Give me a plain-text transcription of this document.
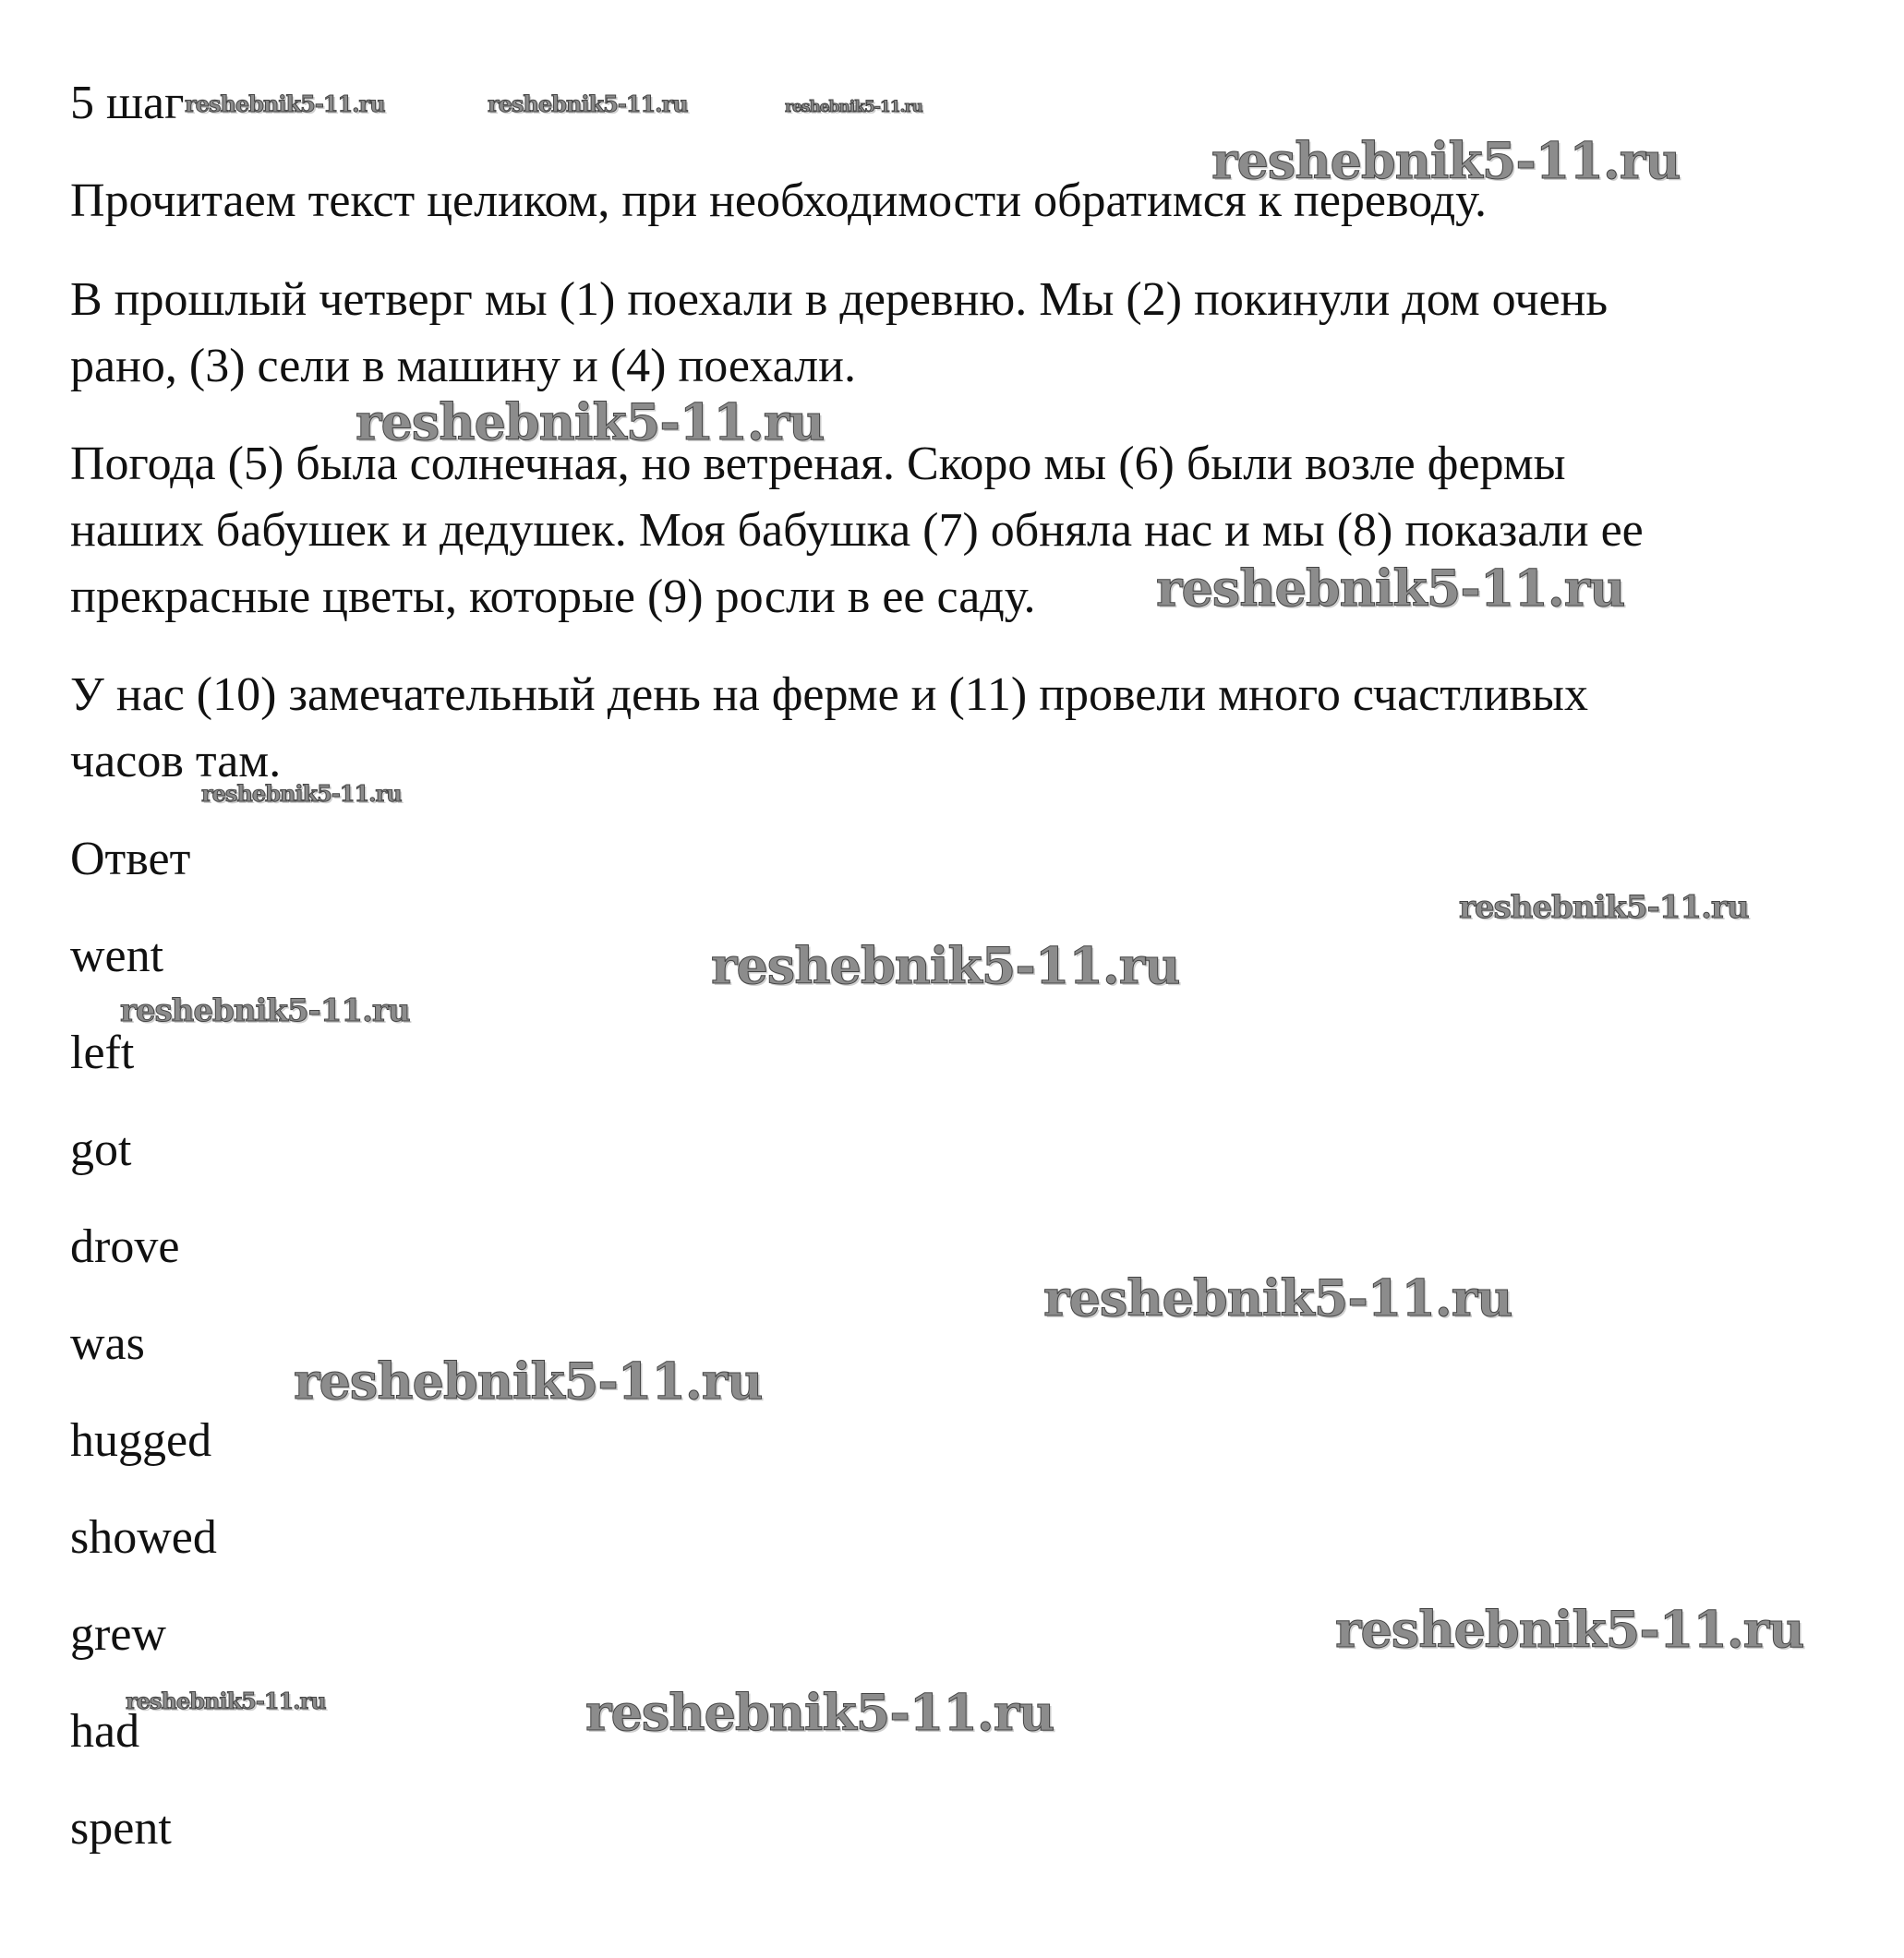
5 шаг

Прочитаем текст целиком, при необходимости обратимся к переводу.

В прошлый четверг мы (1) поехали в деревню. Мы (2) покинули дом очень

рано, (3) сели в машину и (4) поехали.

Погода (5) была солнечная, но ветреная. Скоро мы (6) были возле фермы

наших бабушек и дедушек. Моя бабушка (7) обняла нас и мы (8) показали ее

прекрасные цветы, которые (9) росли в ее саду.

У нас (10) замечательный день на ферме и (11) провели много счастливых

часов там.

Ответ

went

left

got

drove

was

hugged

showed

grew

had

spent

reshebnik5-11.ru	reshebnik5-11.ru	reshebnik5-11.ru

reshebnik5-11.ru

reshebnik5-11.ru

reshebnik5-11.ru

reshebnik5-11.ru

reshebnik5-11.ru

reshebnik5-11.ru

reshebnik5-11.ru

reshebnik5-11.ru

reshebnik5-11.ru

reshebnik5-11.ru

reshebnik5-11.ru	reshebnik5-11.ru
